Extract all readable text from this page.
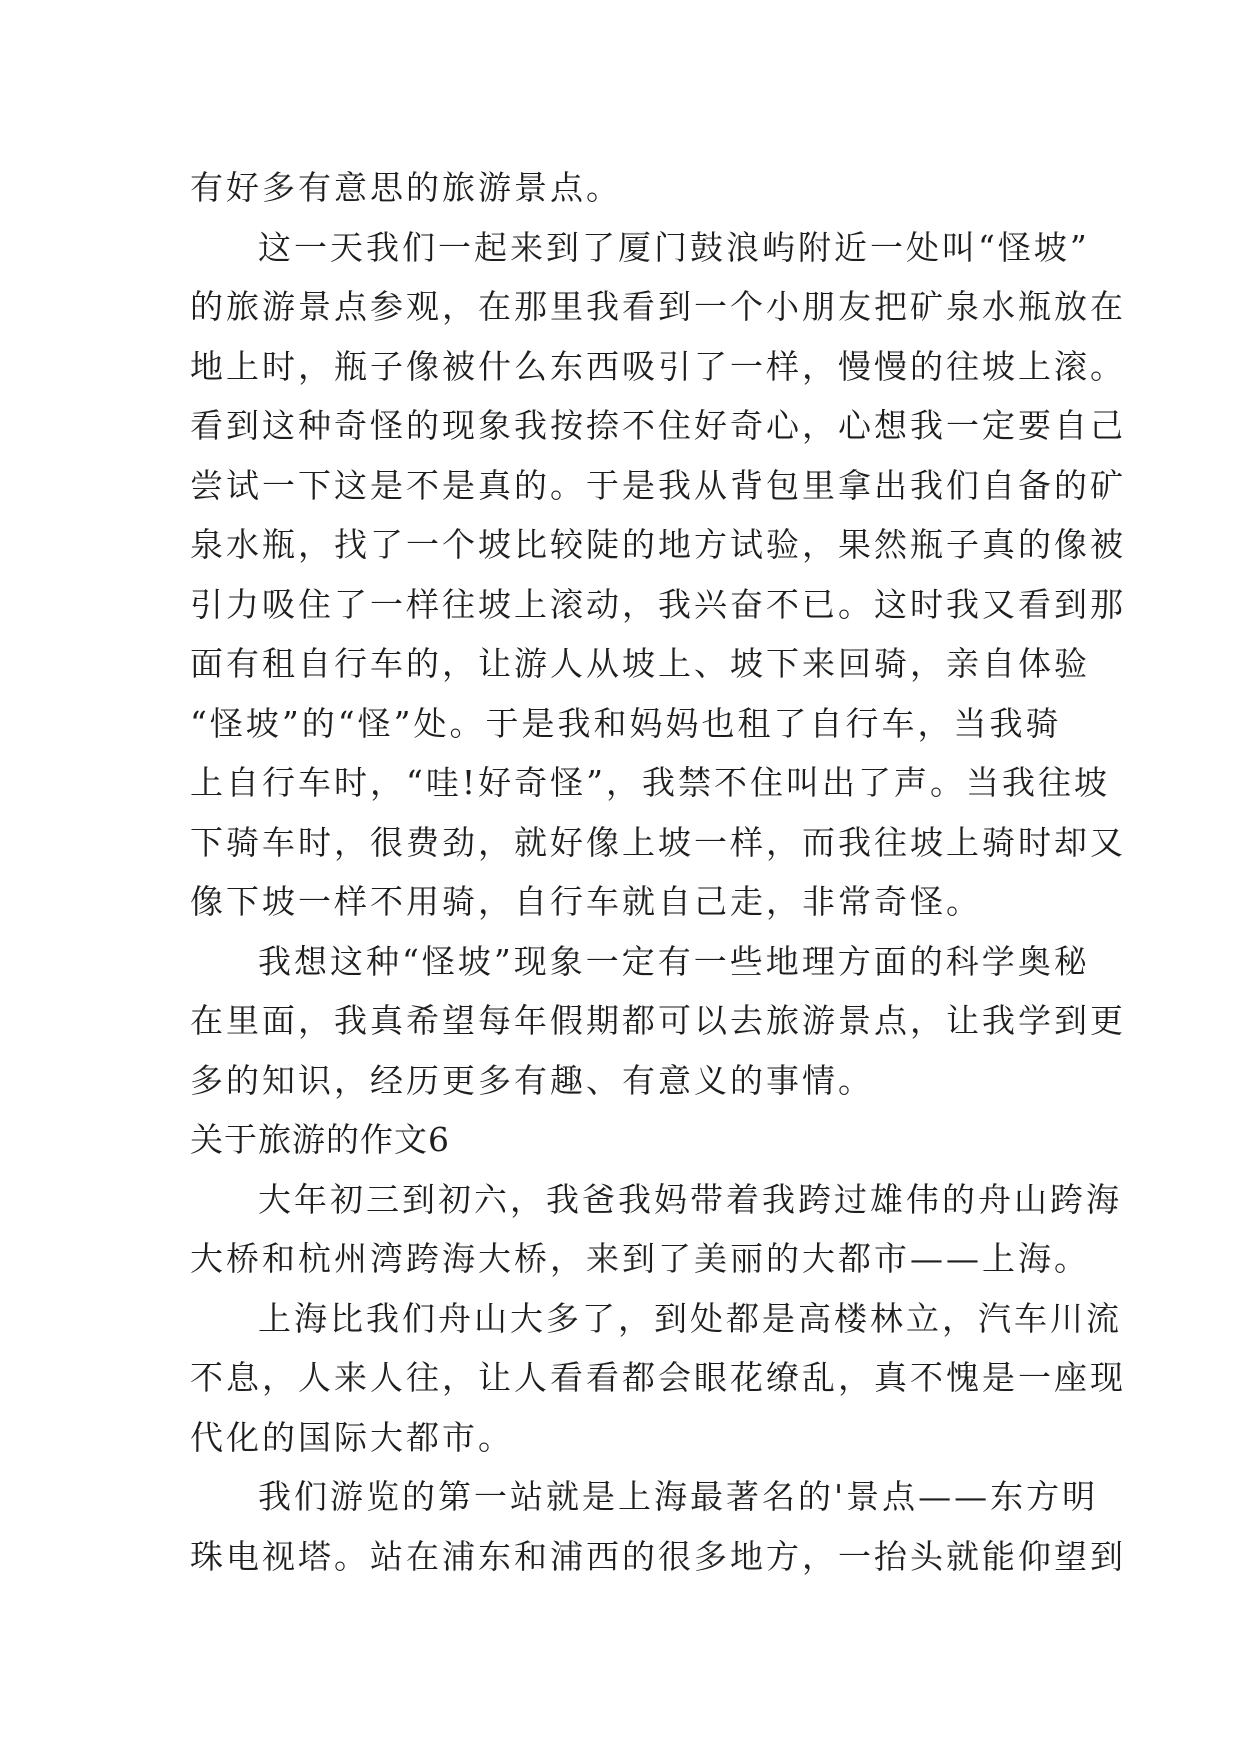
有好多有意思的旅游景点。
这一天我们一起来到了厦门鼓浪屿附近一处叫“怪坡”
的旅游景点参观，在那里我看到一个小朋友把矿泉水瓶放在
地上时，瓶子像被什么东西吸引了一样，慢慢的往坡上滚。
看到这种奇怪的现象我按捺不住好奇心，心想我一定要自己
尝试一下这是不是真的。于是我从背包里拿出我们自备的矿
泉水瓶，找了一个坡比较陡的地方试验，果然瓶子真的像被
引力吸住了一样往坡上滚动，我兴奋不已。这时我又看到那
面有租自行车的，让游人从坡上、坡下来回骑，亲自体验
“怪坡”的“怪”处。于是我和妈妈也租了自行车，当我骑
上自行车时，“哇!好奇怪”，我禁不住叫出了声。当我往坡
下骑车时，很费劲，就好像上坡一样，而我往坡上骑时却又
像下坡一样不用骑，自行车就自己走，非常奇怪。
我想这种“怪坡”现象一定有一些地理方面的科学奥秘
在里面，我真希望每年假期都可以去旅游景点，让我学到更
多的知识，经历更多有趣、有意义的事情。
关于旅游的作文6
大年初三到初六，我爸我妈带着我跨过雄伟的舟山跨海
大桥和杭州湾跨海大桥，来到了美丽的大都市——上海。
上海比我们舟山大多了，到处都是高楼林立，汽车川流
不息，人来人往，让人看看都会眼花缭乱，真不愧是一座现
代化的国际大都市。
我们游览的第一站就是上海最著名的'景点——东方明
珠电视塔。站在浦东和浦西的很多地方，一抬头就能仰望到
